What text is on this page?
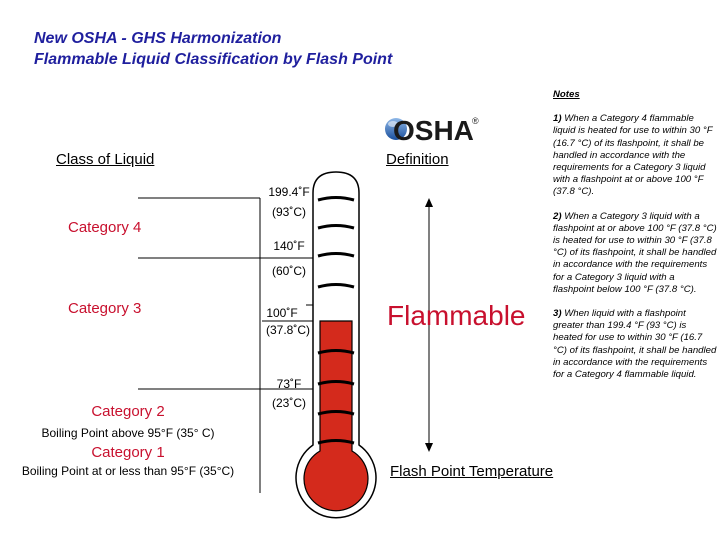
New OSHA - GHS Harmonization
Flammable Liquid Classification by Flash Point
OSHA
®
Class of Liquid	Definition
199.4˚F
(93˚C)
140˚F
(60˚C)
100˚F
(37.8˚C)
73˚F
(23˚C)
Category 4
Category 3
Category 2
Boiling Point above 95°F (35° C)
Category 1
Boiling Point at or less than 95°F (35°C)
Flammable
Flash Point Temperature

Notes

1) When a Category 4 flammable liquid is heated for use to within 30 °F (16.7 °C) of its flashpoint, it shall be handled in accordance with the requirements for a Category 3 liquid with a flashpoint at or above 100 °F (37.8 °C).

2) When a Category 3 liquid with a flashpoint at or above 100 °F (37.8 °C) is heated for use to within 30 °F (37.8 °C) of its flashpoint, it shall be handled in accordance with the requirements for a Category 3 liquid with a flashpoint below 100 °F (37.8 °C).

3) When liquid with a flashpoint greater than 199.4 °F (93 °C) is heated for use to within 30 °F (16.7 °C) of its flashpoint, it shall be handled in accordance with the requirements for a Category 4 flammable liquid.
